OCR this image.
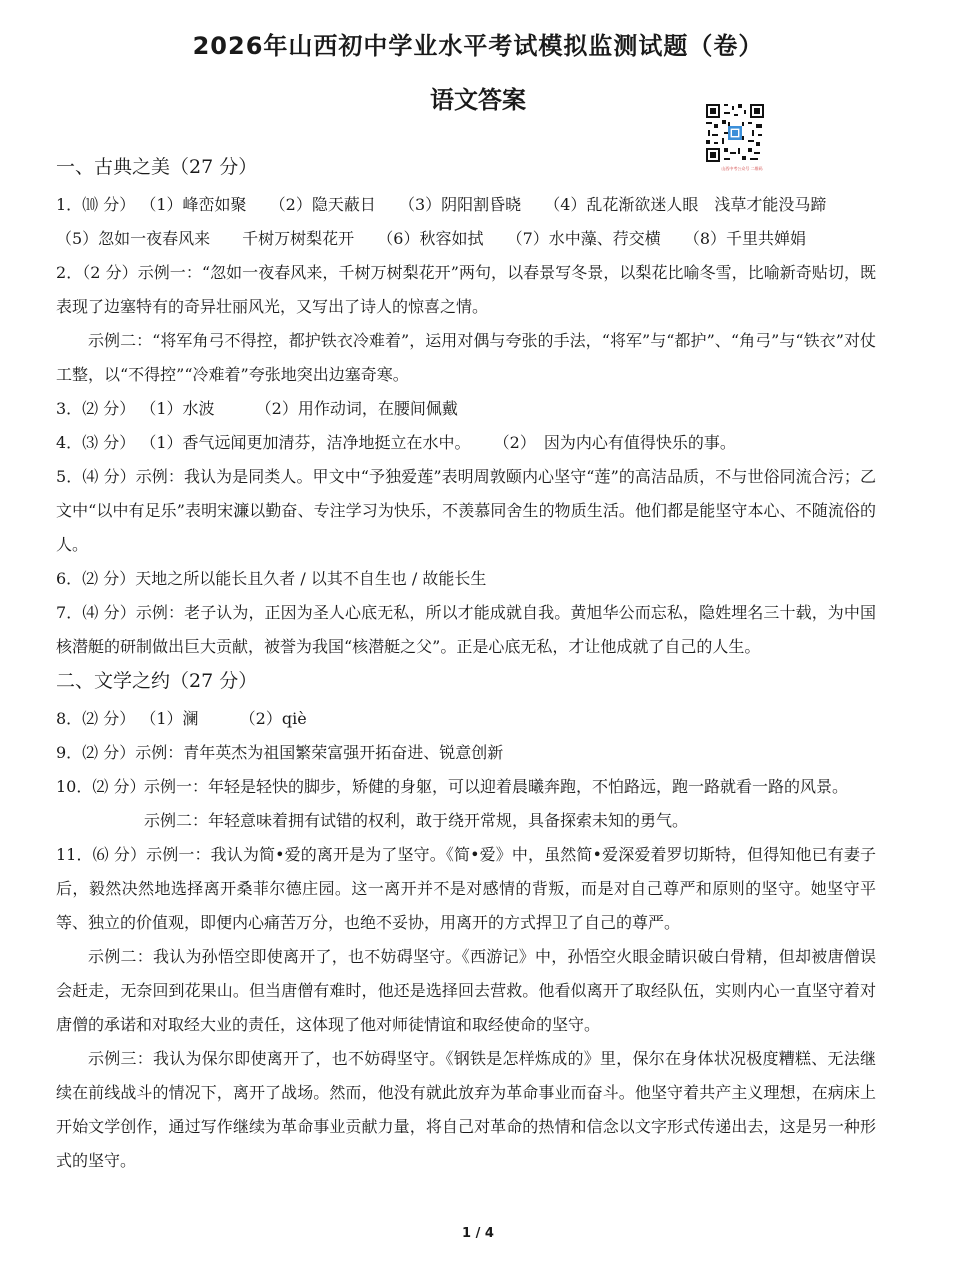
2026年山西初中学业水平考试模拟监测试题（卷）
语文答案
山西中考公众号 二维码
一、古典之美（27 分）
1．⑽ 分） （1）峰峦如聚 （2）隐天蔽日 （3）阴阳割昏晓 （4）乱花渐欲迷人眼　浅草才能没马蹄
（5）忽如一夜春风来　　千树万树梨花开 （6）秋容如拭 （7）水中藻、荇交横 （8）千里共婵娟
2．（2 分）示例一：“忽如一夜春风来，千树万树梨花开”两句，以春景写冬景，以梨花比喻冬雪，比喻新奇贴切，既表现了边塞特有的奇异壮丽风光，又写出了诗人的惊喜之情。
示例二：“将军角弓不得控，都护铁衣冷难着”，运用对偶与夸张的手法，“将军”与“都护”、“角弓”与“铁衣”对仗工整，以“不得控”“冷难着”夸张地突出边塞奇寒。
3．⑵ 分） （1）水波	（2）用作动词，在腰间佩戴
4．⑶ 分） （1）香气远闻更加清芬，洁净地挺立在水中。 （2）　因为内心有值得快乐的事。
5．⑷ 分）示例：我认为是同类人。甲文中“予独爱莲”表明周敦颐内心坚守“莲”的高洁品质，不与世俗同流合污；乙文中“以中有足乐”表明宋濂以勤奋、专注学习为快乐，不羡慕同舍生的物质生活。他们都是能坚守本心、不随流俗的人。
6．⑵ 分）天地之所以能长且久者 / 以其不自生也 / 故能长生
7．⑷ 分）示例：老子认为，正因为圣人心底无私，所以才能成就自我。黄旭华公而忘私，隐姓埋名三十载，为中国核潜艇的研制做出巨大贡献，被誉为我国“核潜艇之父”。正是心底无私，才让他成就了自己的人生。
二、文学之约（27 分）
8．⑵ 分） （1）澜	（2）qiè
9．⑵ 分）示例：青年英杰为祖国繁荣富强开拓奋进、锐意创新
10．⑵ 分）
示例一：年轻是轻快的脚步，矫健的身躯，可以迎着晨曦奔跑，不怕路远，跑一路就看一路的风景。
示例二：年轻意味着拥有试错的权利，敢于绕开常规，具备探索未知的勇气。
11．⑹ 分）示例一：我认为简•爱的离开是为了坚守。《简•爱》中，虽然简•爱深爱着罗切斯特，但得知他已有妻子后，毅然决然地选择离开桑菲尔德庄园。这一离开并不是对感情的背叛，而是对自己尊严和原则的坚守。她坚守平等、独立的价值观，即便内心痛苦万分，也绝不妥协，用离开的方式捍卫了自己的尊严。
示例二：我认为孙悟空即使离开了，也不妨碍坚守。《西游记》中，孙悟空火眼金睛识破白骨精，但却被唐僧误会赶走，无奈回到花果山。但当唐僧有难时，他还是选择回去营救。他看似离开了取经队伍，实则内心一直坚守着对唐僧的承诺和对取经大业的责任，这体现了他对师徒情谊和取经使命的坚守。
示例三：我认为保尔即使离开了，也不妨碍坚守。《钢铁是怎样炼成的》里，保尔在身体状况极度糟糕、无法继续在前线战斗的情况下，离开了战场。然而，他没有就此放弃为革命事业而奋斗。他坚守着共产主义理想，在病床上开始文学创作，通过写作继续为革命事业贡献力量，将自己对革命的热情和信念以文字形式传递出去，这是另一种形式的坚守。
1 / 4
